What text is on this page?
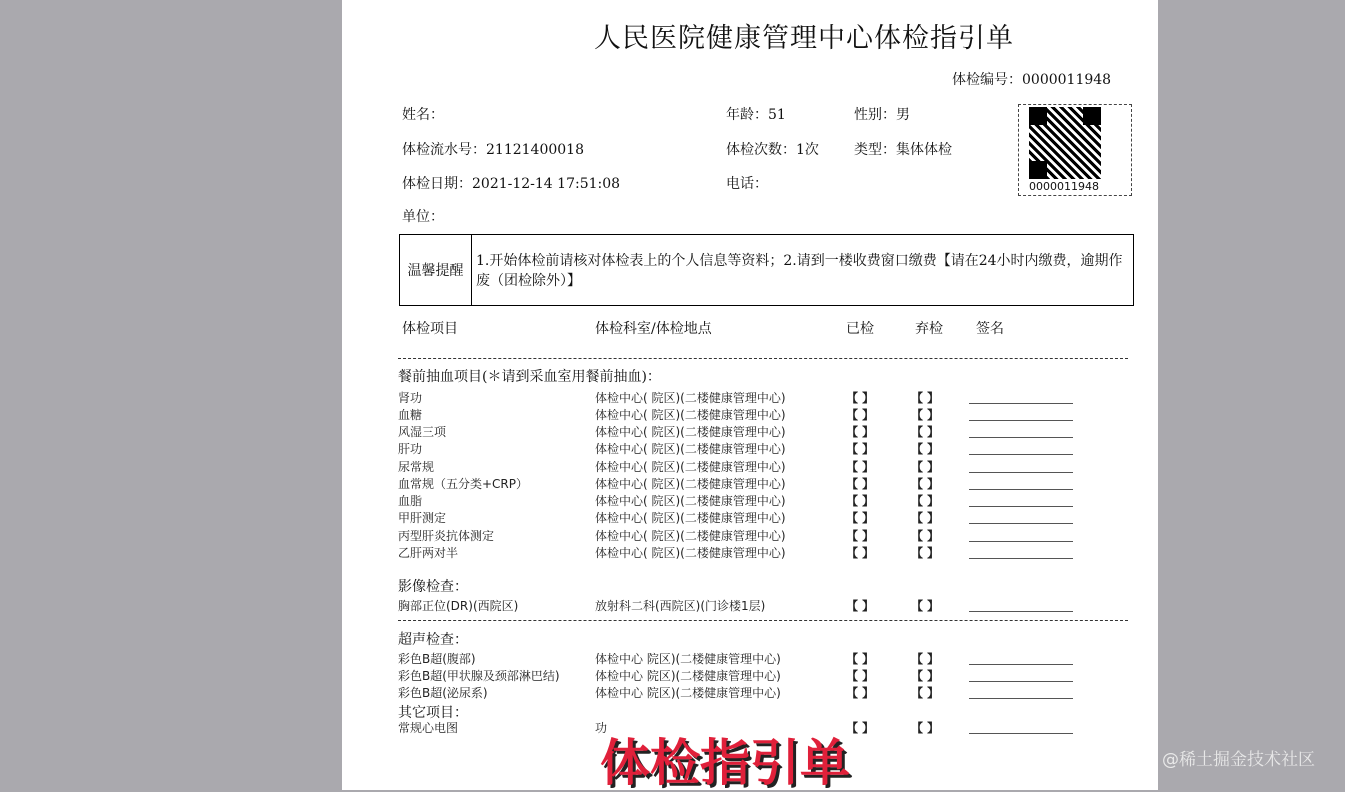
人民医院健康管理中心体检指引单
体检编号：0000011948
姓名：	年龄：51	性别：男
体检流水号：21121400018	体检次数：1次	类型：集体体检
体检日期：2021-12-14 17:51:08	电话：
单位：
0000011948
温馨提醒
1.开始体检前请核对体检表上的个人信息等资料；2.请到一楼收费窗口缴费【请在24小时内缴费，逾期作废（团检除外）】
体检项目	体检科室/体检地点	已检	弃检 签名
餐前抽血项目(＊请到采血室用餐前抽血)：
肾功	体检中心( 院区)(二楼健康管理中心)	【 】	【 】
血糖	体检中心( 院区)(二楼健康管理中心)	【 】	【 】
风湿三项	体检中心( 院区)(二楼健康管理中心)	【 】	【 】
肝功	体检中心( 院区)(二楼健康管理中心)	【 】	【 】
尿常规	体检中心( 院区)(二楼健康管理中心)	【 】	【 】
血常规（五分类+CRP）	体检中心( 院区)(二楼健康管理中心)	【 】	【 】
血脂	体检中心( 院区)(二楼健康管理中心)	【 】	【 】
甲肝测定	体检中心( 院区)(二楼健康管理中心)	【 】	【 】
丙型肝炎抗体测定	体检中心( 院区)(二楼健康管理中心)	【 】	【 】
乙肝两对半	体检中心( 院区)(二楼健康管理中心)	【 】	【 】
影像检查：
胸部正位(DR)(西院区)	放射科二科(西院区)(门诊楼1层)	【 】	【 】
超声检查：
彩色B超(腹部)	体检中心 院区)(二楼健康管理中心)	【 】	【 】
彩色B超(甲状腺及颈部淋巴结)	体检中心 院区)(二楼健康管理中心)	【 】	【 】
彩色B超(泌尿系)	体检中心 院区)(二楼健康管理中心)	【 】	【 】
其它项目：
常规心电图	功	【 】	【 】
体检指引单	@稀土掘金技术社区
